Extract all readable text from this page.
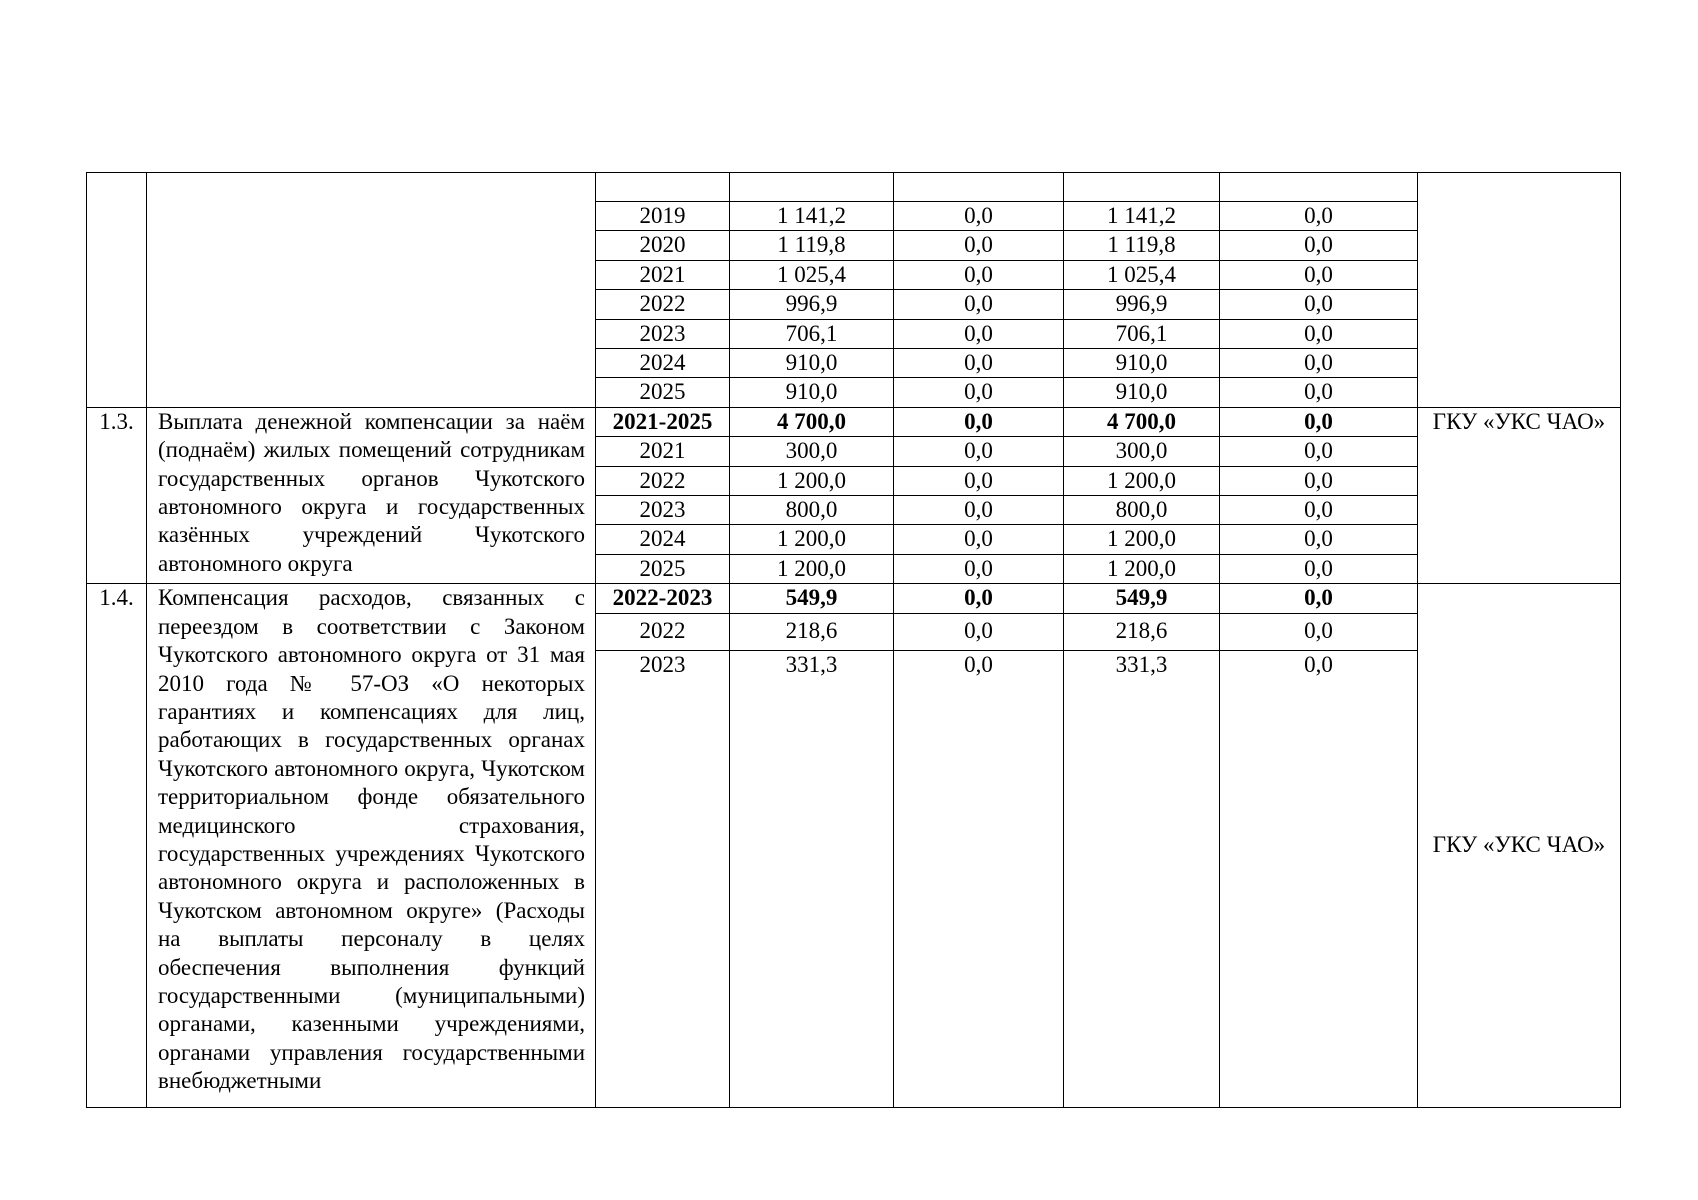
		2019	1 141,2	0,0	1 141,2	0,0	
		2020	1 119,8	0,0	1 119,8	0,0	
		2021	1 025,4	0,0	1 025,4	0,0	
		2022	996,9	0,0	996,9	0,0	
		2023	706,1	0,0	706,1	0,0	
		2024	910,0	0,0	910,0	0,0	
		2025	910,0	0,0	910,0	0,0	
1.3.	Выплата денежной компенсации за наём (поднаём) жилых помещений сотрудникам государственных органов Чукотского автономного округа и государственных казённых учреждений Чукотского автономного округа	2021-2025	4 700,0	0,0	4 700,0	0,0	ГКУ «УКС ЧАО»
		2021	300,0	0,0	300,0	0,0	
		2022	1 200,0	0,0	1 200,0	0,0	
		2023	800,0	0,0	800,0	0,0	
		2024	1 200,0	0,0	1 200,0	0,0	
		2025	1 200,0	0,0	1 200,0	0,0	
1.4.	Компенсация расходов, связанных с переездом в соответствии с Законом Чукотского автономного округа от 31 мая 2010 года № 57-ОЗ «О некоторых гарантиях и компенсациях для лиц, работающих в государственных органах Чукотского автономного округа, Чукотском территориальном фонде обязательного медицинского страхования, государственных учреждениях Чукотского автономного округа и расположенных в Чукотском автономном округе» (Расходы на выплаты персоналу в целях обеспечения выполнения функций государственными (муниципальными) органами, казенными учреждениями, органами управления государственными внебюджетными	2022-2023	549,9	0,0	549,9	0,0	ГКУ «УКС ЧАО»
		2022	218,6	0,0	218,6	0,0	
		2023	331,3	0,0	331,3	0,0	
